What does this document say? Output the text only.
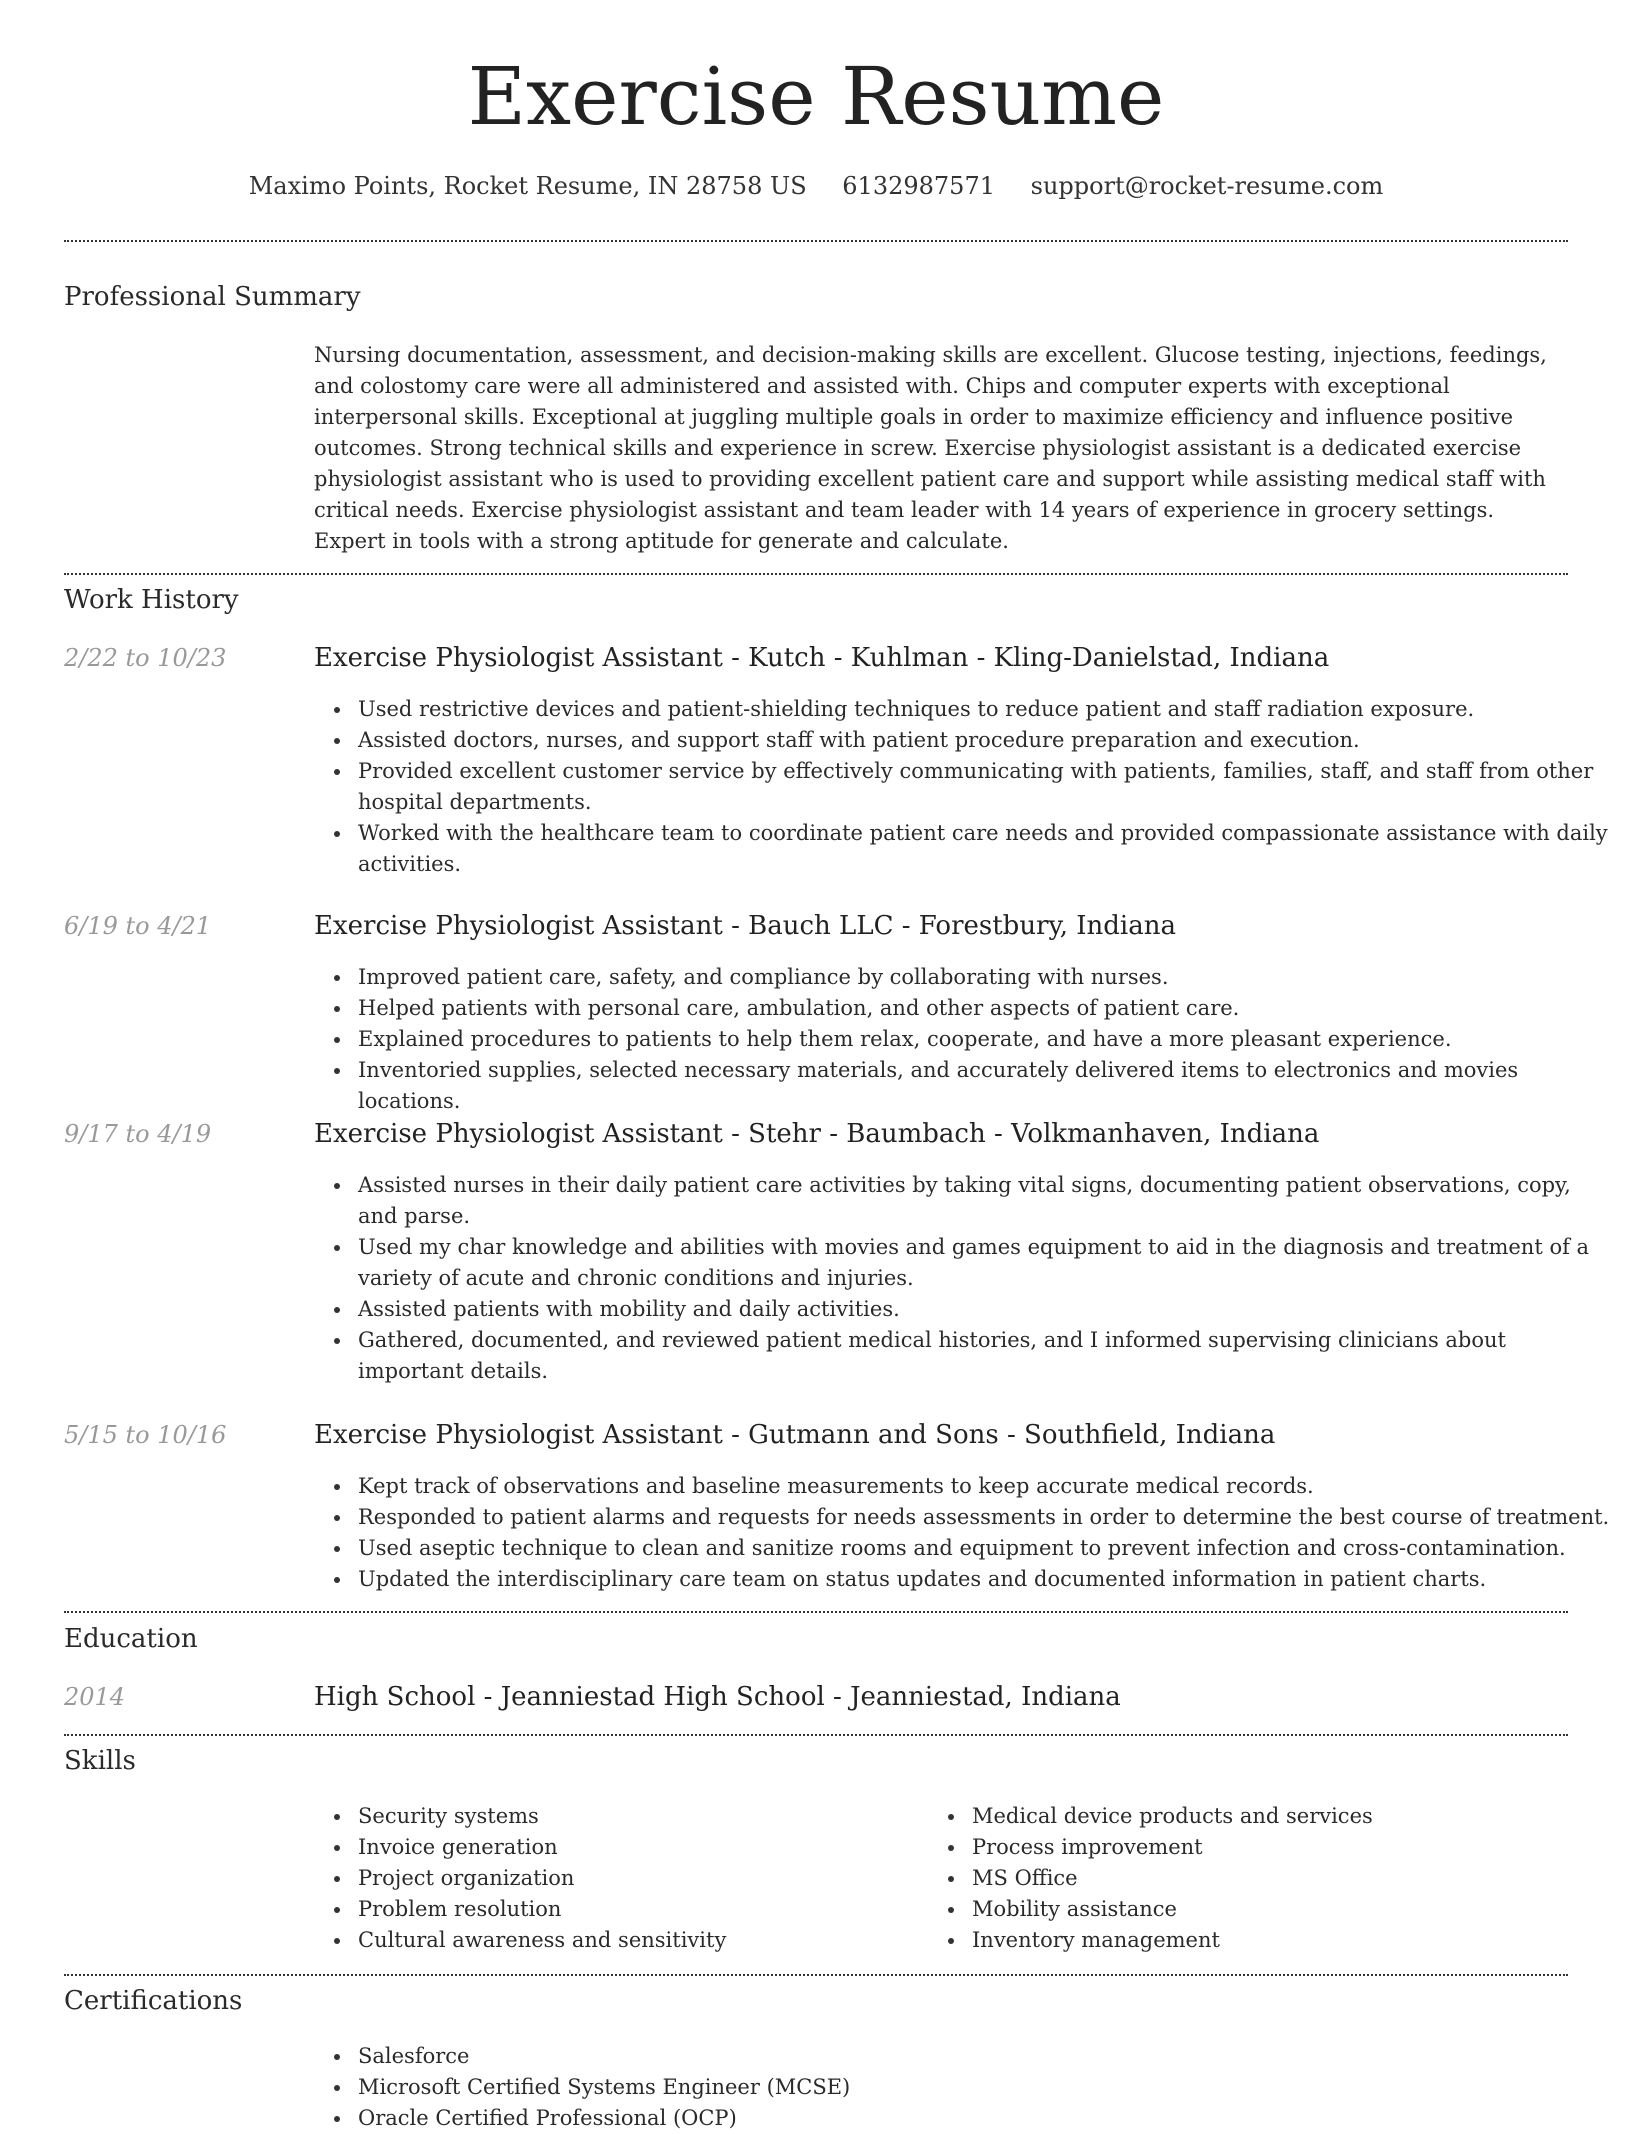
Exercise Resume
Maximo Points, Rocket Resume, IN 28758 US 6132987571 support@rocket-resume.com
Professional Summary

Nursing documentation, assessment, and decision-making skills are excellent. Glucose testing, injections, feedings, and colostomy care were all administered and assisted with. Chips and computer experts with exceptional interpersonal skills. Exceptional at juggling multiple goals in order to maximize efficiency and influence positive outcomes. Strong technical skills and experience in screw. Exercise physiologist assistant is a dedicated exercise physiologist assistant who is used to providing excellent patient care and support while assisting medical staff with critical needs. Exercise physiologist assistant and team leader with 14 years of experience in grocery settings. Expert in tools with a strong aptitude for generate and calculate.

Work History
2/22 to 10/23	Exercise Physiologist Assistant - Kutch - Kuhlman - Kling-Danielstad, Indiana
Used restrictive devices and patient-shielding techniques to reduce patient and staff radiation exposure.
Assisted doctors, nurses, and support staff with patient procedure preparation and execution.
Provided excellent customer service by effectively communicating with patients, families, staff, and staff from other hospital departments.
Worked with the healthcare team to coordinate patient care needs and provided compassionate assistance with daily activities.
6/19 to 4/21	Exercise Physiologist Assistant - Bauch LLC - Forestbury, Indiana
Improved patient care, safety, and compliance by collaborating with nurses.
Helped patients with personal care, ambulation, and other aspects of patient care.
Explained procedures to patients to help them relax, cooperate, and have a more pleasant experience.
Inventoried supplies, selected necessary materials, and accurately delivered items to electronics and movies locations.
9/17 to 4/19	Exercise Physiologist Assistant - Stehr - Baumbach - Volkmanhaven, Indiana
Assisted nurses in their daily patient care activities by taking vital signs, documenting patient observations, copy, and parse.
Used my char knowledge and abilities with movies and games equipment to aid in the diagnosis and treatment of a variety of acute and chronic conditions and injuries.
Assisted patients with mobility and daily activities.
Gathered, documented, and reviewed patient medical histories, and I informed supervising clinicians about important details.
5/15 to 10/16	Exercise Physiologist Assistant - Gutmann and Sons - Southfield, Indiana
Kept track of observations and baseline measurements to keep accurate medical records.
Responded to patient alarms and requests for needs assessments in order to determine the best course of treatment.
Used aseptic technique to clean and sanitize rooms and equipment to prevent infection and cross-contamination.
Updated the interdisciplinary care team on status updates and documented information in patient charts.
Education
2014	High School - Jeanniestad High School - Jeanniestad, Indiana
Skills
Security systems
Invoice generation
Project organization
Problem resolution
Cultural awareness and sensitivity
Medical device products and services
Process improvement
MS Office
Mobility assistance
Inventory management
Certifications
Salesforce
Microsoft Certified Systems Engineer (MCSE)
Oracle Certified Professional (OCP)
